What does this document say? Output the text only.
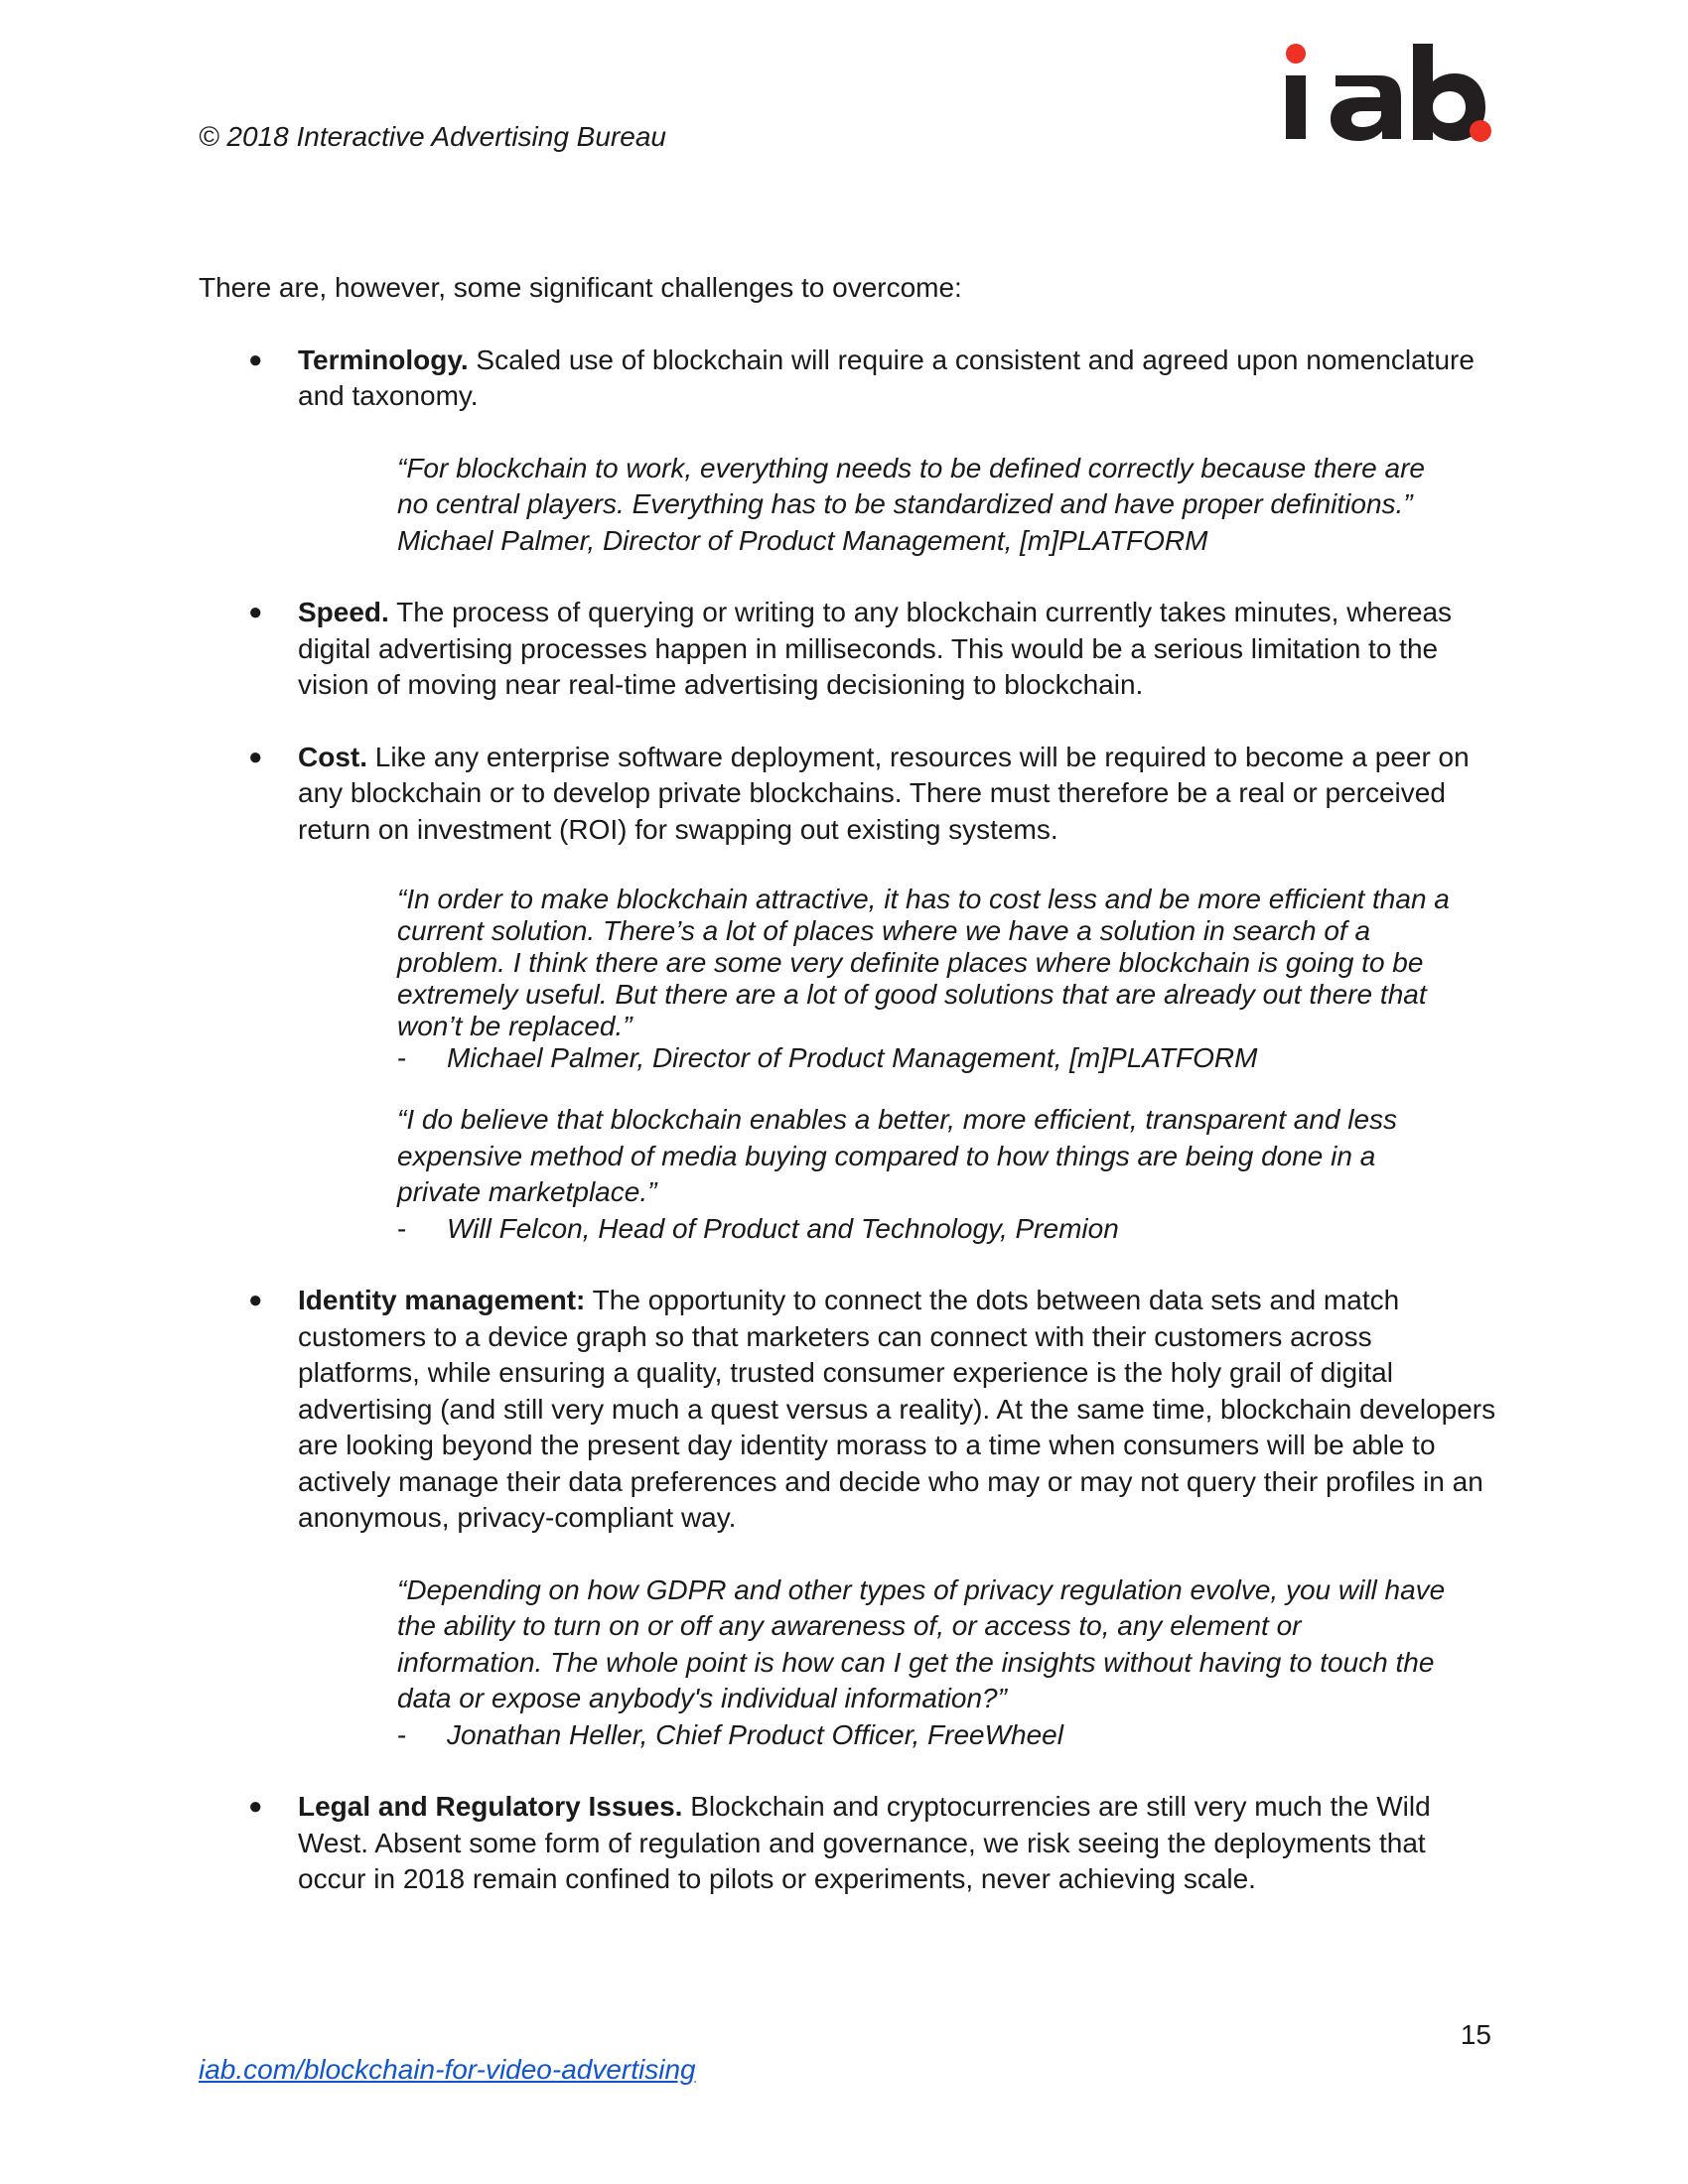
© 2018 Interactive Advertising Bureau

There are, however, some significant challenges to overcome:

● Terminology. Scaled use of blockchain will require a consistent and agreed upon nomenclature and taxonomy.

“For blockchain to work, everything needs to be defined correctly because there are no central players. Everything has to be standardized and have proper definitions.”

Michael Palmer, Director of Product Management, [m]PLATFORM

● Speed. The process of querying or writing to any blockchain currently takes minutes, whereas digital advertising processes happen in milliseconds. This would be a serious limitation to the vision of moving near real-time advertising decisioning to blockchain.
● Cost. Like any enterprise software deployment, resources will be required to become a peer on any blockchain or to develop private blockchains. There must therefore be a real or perceived return on investment (ROI) for swapping out existing systems.

“In order to make blockchain attractive, it has to cost less and be more efficient than a current solution. There’s a lot of places where we have a solution in search of a problem. I think there are some very definite places where blockchain is going to be extremely useful. But there are a lot of good solutions that are already out there that won’t be replaced.”

- Michael Palmer, Director of Product Management, [m]PLATFORM

“I do believe that blockchain enables a better, more efficient, transparent and less expensive method of media buying compared to how things are being done in a private marketplace.”

- Will Felcon, Head of Product and Technology, Premion

● Identity management: The opportunity to connect the dots between data sets and match customers to a device graph so that marketers can connect with their customers across platforms, while ensuring a quality, trusted consumer experience is the holy grail of digital advertising (and still very much a quest versus a reality). At the same time, blockchain developers are looking beyond the present day identity morass to a time when consumers will be able to actively manage their data preferences and decide who may or may not query their profiles in an anonymous, privacy-compliant way.

“Depending on how GDPR and other types of privacy regulation evolve, you will have the ability to turn on or off any awareness of, or access to, any element or information. The whole point is how can I get the insights without having to touch the data or expose anybody's individual information?”

- Jonathan Heller, Chief Product Officer, FreeWheel

● Legal and Regulatory Issues. Blockchain and cryptocurrencies are still very much the Wild West. Absent some form of regulation and governance, we risk seeing the deployments that occur in 2018 remain confined to pilots or experiments, never achieving scale.
15
iab.com/blockchain-for-video-advertising
